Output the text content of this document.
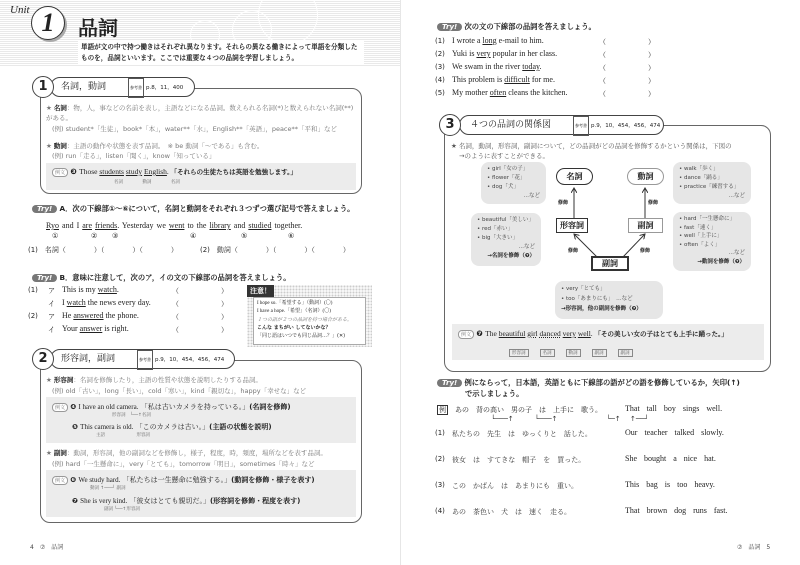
Unit 1	品詞
単語が文の中で持つ働きはそれぞれ異なります。それらの異なる働きによって単語を分類したものを，品詞といいます。ここでは重要な４つの品詞を学習しましょう。
名詞，動詞	参考書 p.8，11，400
1
★ 名詞：物，人，事などの名前を表し，主語などになる品詞。数えられる名詞(*)と数えられない名詞(**)がある。
(例) student*「生徒」，book*「本」，water**「水」，English**「英語」，peace**「平和」など
★ 動詞：主語の動作や状態を表す品詞。　※ be 動詞「～である」も含む。
(例) run「走る」，listen「聞く」，know「知っている」
例文 ❸ Those students study English. 「それらの生徒たちは英語を勉強します。」
名詞	動詞	名詞
Try! A．次の下線部①～⑥について，名詞と動詞をそれぞれ３つずつ選び記号で答えましょう。
Ryo and I are friends. Yesterday we went to the library and studied together.
①	② ③	④	⑤	⑥
(1)　名詞（　　　　）（　　　　）（　　　　）	(2)　動詞（　　　　）（　　　　）（　　　　）
Try! B．意味に注意して，次のア，イの文の下線部の品詞を答えましょう。
(1) ア This is my watch.	（　　　　　　）
イ I watch the news every day.	（　　　　　　）
(2) ア He answered the phone.	（　　　　　　）
イ Your answer is right.	（　　　　　　）
注意！
I hope so.「希望する」（動詞）(〇)
I have a hope.「希望」（名詞）(〇)
１つの語が２つの品詞を持つ場合がある。
こんな まちがい してないかな？
「同じ語はいつでも同じ品詞…？」(✕)
形容詞，副詞	参考書 p.9，10，454，456，474
2
★ 形容詞：名詞を修飾したり，主語の性質や状態を説明したりする品詞。
(例) old「古い」，long「長い」，cold「寒い」，kind「親切な」，happy「幸せな」など
例文 ❹ I have an old camera. 「私は古いカメラを持っている。」(名詞を修飾)
形容詞　└──↑名詞
❺ This camera is old. 「このカメラは古い。」(主語の状態を説明)
主語	形容詞
★ 副詞：動詞，形容詞，他の副詞などを修飾し，様子，程度，時，頻度，場所などを表す品詞。
(例) hard「一生懸命に」，very「とても」，tomorrow「明日」，sometimes「時々」など
例文 ❻ We study hard. 「私たちは一生懸命に勉強する。」(動詞を修飾・様子を表す)
動詞 ↑───┘ 副詞
❼ She is very kind. 「彼女はとても親切だ。」(形容詞を修飾・程度を表す)
副詞 └──↑形容詞
4　⑦　品詞
Try! 次の文の下線部の品詞を答えましょう。
(1) I wrote a long e-mail to him.	（　　　　　　）
(2) Yuki is very popular in her class.	（　　　　　　）
(3) We swam in the river today.	（　　　　　　）
(4) This problem is difficult for me.	（　　　　　　）
(5) My mother often cleans the kitchen.	（　　　　　　）
４つの品詞の関係図	参考書 p.9，10，454，456，474
3
★ 名詞，動詞，形容詞，副詞について，どの品詞がどの品詞を修飾するかという関係は，下図の
→のように表すことができる。
• girl「女の子」
• flower「花」
• dog「犬」
…など
• walk「歩く」
• dance「踊る」
• practice「練習する」
…など
• beautiful「美しい」
• red「赤い」
• big「大きい」
…など
→名詞を修飾（❼）
• hard「一生懸命に」
• fast「速く」
• well「上手に」
• often「よく」
…など
→動詞を修飾（❼）
• very「とても」
• too「あまりにも」　…など
→形容詞，他の副詞を修飾（❼）
名詞	動詞
形容詞	副詞
副詞
修飾	修飾
修飾	修飾
例文 ❼ The beautiful girl danced very well. 「その美しい女の子はとても上手に踊った。」
形容詞	名詞	動詞	副詞	副詞
Try! 例にならって，日本語，英語ともに下線部の語がどの語を修飾しているか，矢印(↑)
で示しましょう。
例　 あの　背の高い　男の子　は　上手に　歌う。	That tall boy sings well.
└───↑　　　└───↑　　　　　　　└─↑　 ↑──┘
(1) 私たちの　先生　は　ゆっくりと　話した。	Our teacher talked slowly.
(2) 彼女　は　すてきな　帽子　を　買った。	She bought a nice hat.
(3) この　かばん　は　あまりにも　重い。	This bag is too heavy.
(4) あの　茶色い　犬　は　速く　走る。	That brown dog runs fast.
⑦　品詞　5
